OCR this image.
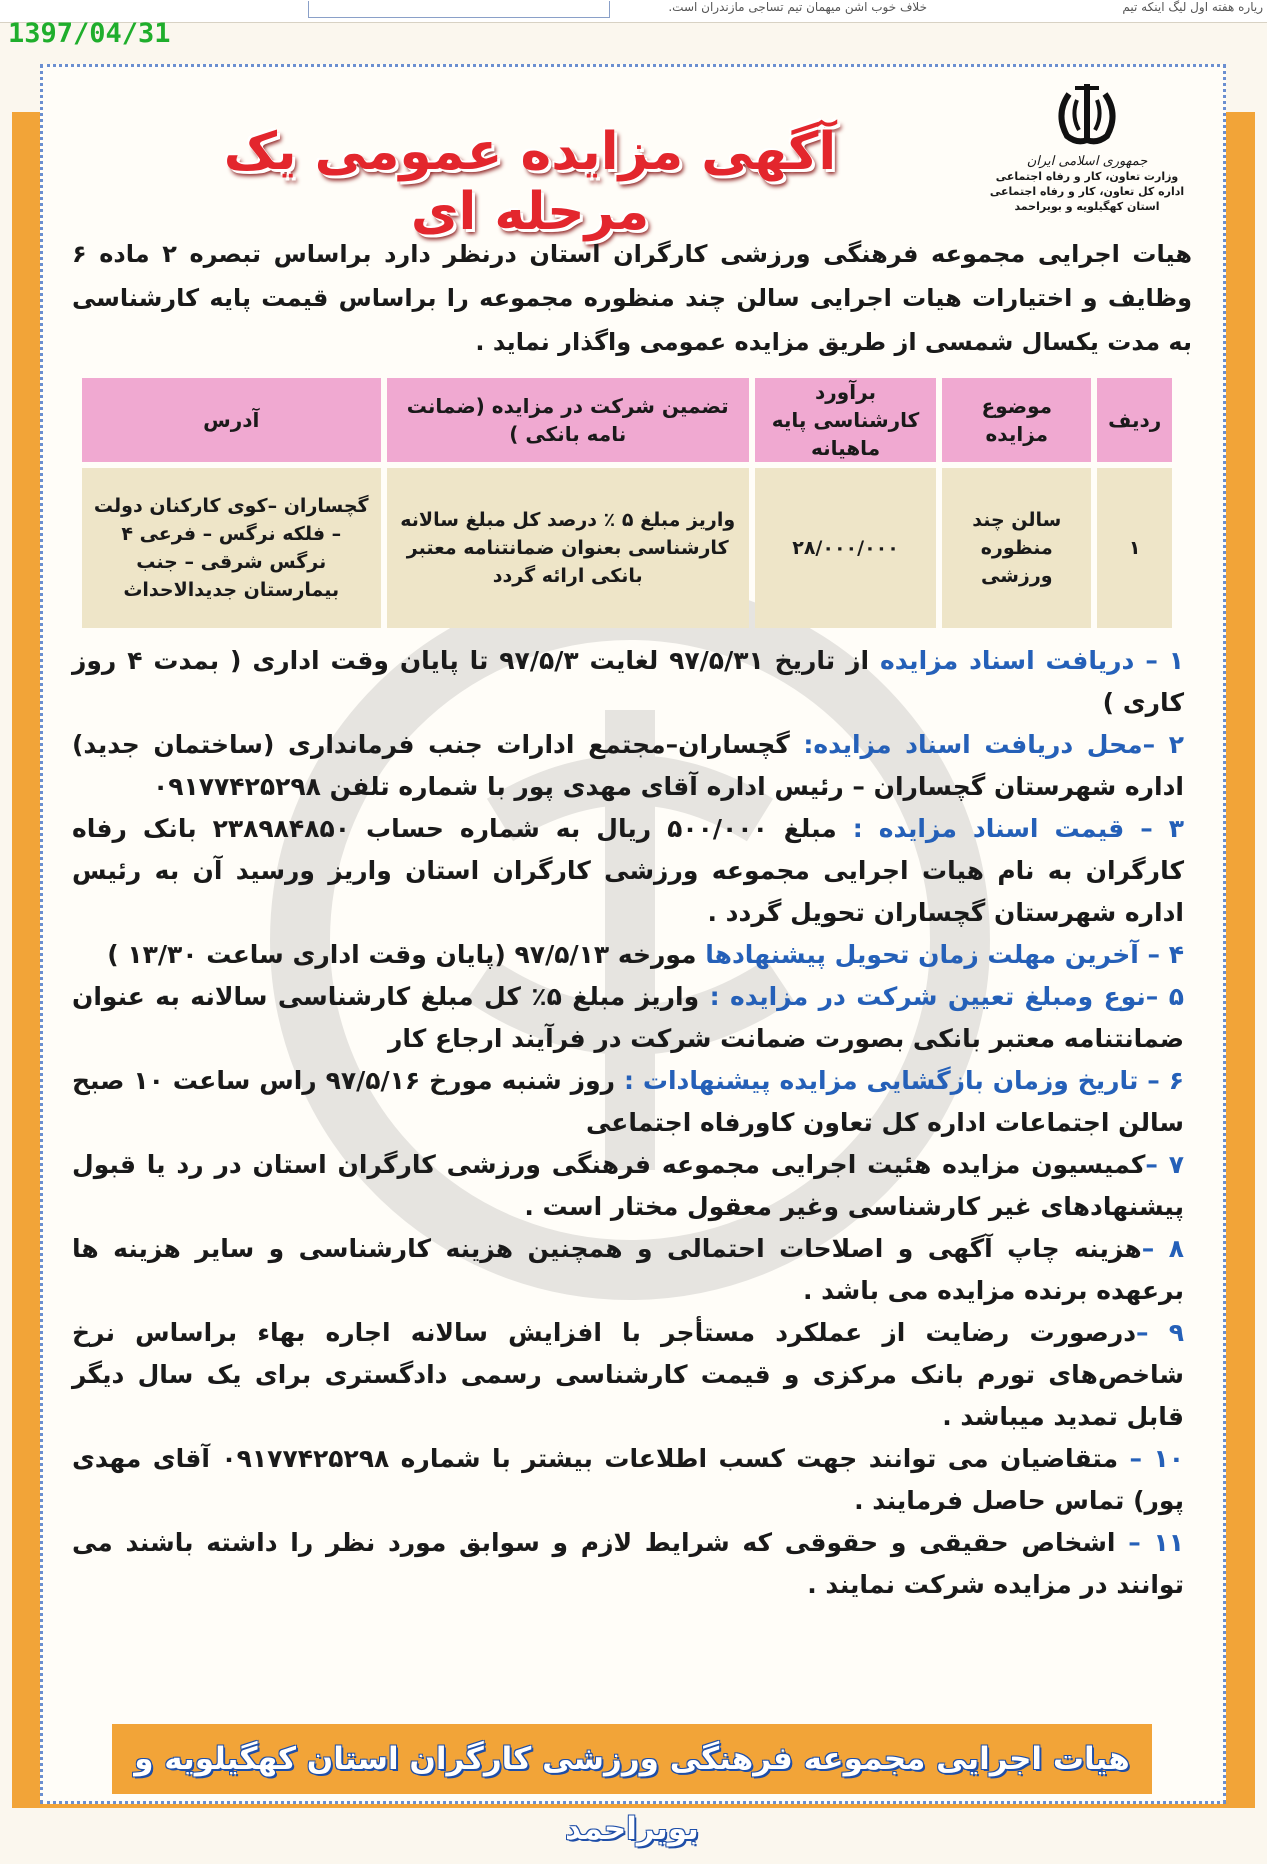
ریاره هفته اول لیگ اینکه تیم
خلاف خوب اشن میهمان تیم تساجی مازندران است.
1397/04/31
جمهوری اسلامی ایران
وزارت تعاون، کار و رفاه اجتماعی
اداره کل تعاون، کار و رفاه اجتماعی
استان کهگیلویه و بویراحمد
آگهی مزایده عمومی یک مرحله ای
هیات اجرایی مجموعه فرهنگی ورزشی کارگران استان درنظر دارد براساس تبصره ۲ ماده ۶ وظایف و اختیارات هیات اجرایی سالن چند منظوره مجموعه را براساس قیمت پایه کارشناسی به مدت یکسال شمسی از طریق مزایده عمومی واگذار نماید .
ردیف	موضوع مزایده	برآورد کارشناسی پایه ماهیانه	تضمین شرکت در مزایده (ضمانت نامه بانکی )	آدرس
۱	سالن چند منظوره ورزشی	۲۸/۰۰۰/۰۰۰	واریز مبلغ ۵ ٪ درصد کل مبلغ سالانه کارشناسی بعنوان ضمانتنامه معتبر بانکی ارائه گردد	گچساران –کوی کارکنان دولت – فلکه نرگس – فرعی ۴ نرگس شرقی – جنب بیمارستان جدیدالاحداث

۱ – دریافت اسناد مزایده از تاریخ ۹۷/۵/۳۱ لغایت ۹۷/۵/۳ تا پایان وقت اداری ( بمدت ۴ روز کاری )

۲ –محل دریافت اسناد مزایده: گچساران–مجتمع ادارات جنب فرمانداری (ساختمان جدید) اداره شهرستان گچساران – رئیس اداره آقای مهدی پور با شماره تلفن ۰۹۱۷۷۴۲۵۲۹۸

۳ – قیمت اسناد مزایده : مبلغ ۵۰۰/۰۰۰ ریال به شماره حساب ۲۳۸۹۸۴۸۵۰ بانک رفاه کارگران به نام هیات اجرایی مجموعه ورزشی کارگران استان واریز ورسید آن به رئیس اداره شهرستان گچساران تحویل گردد .

۴ – آخرین مهلت زمان تحویل پیشنهادها مورخه ۹۷/۵/۱۳ (پایان وقت اداری ساعت ۱۳/۳۰ )

۵ –نوع ومبلغ تعیین شرکت در مزایده : واریز مبلغ ۵٪ کل مبلغ کارشناسی سالانه به عنوان ضمانتنامه معتبر بانکی بصورت ضمانت شرکت در فرآیند ارجاع کار

۶ – تاریخ وزمان بازگشایی مزایده پیشنهادات : روز شنبه مورخ ۹۷/۵/۱۶ راس ساعت ۱۰ صبح سالن اجتماعات اداره کل تعاون کاورفاه اجتماعی

۷ –کمیسیون مزایده هئیت اجرایی مجموعه فرهنگی ورزشی کارگران استان در رد یا قبول پیشنهادهای غیر کارشناسی وغیر معقول مختار است .

۸ –هزینه چاپ آگهی و اصلاحات احتمالی و همچنین هزینه کارشناسی و سایر هزینه ها برعهده برنده مزایده می باشد .

۹ –درصورت رضایت از عملکرد مستأجر با افزایش سالانه اجاره بهاء براساس نرخ شاخص‌های تورم بانک مرکزی و قیمت کارشناسی رسمی دادگستری برای یک سال دیگر قابل تمدید میباشد .

۱۰ – متقاضیان می توانند جهت کسب اطلاعات بیشتر با شماره ۰۹۱۷۷۴۲۵۲۹۸ آقای مهدی پور) تماس حاصل فرمایند .

۱۱ – اشخاص حقیقی و حقوقی که شرایط لازم و سوابق مورد نظر را داشته باشند می توانند در مزایده شرکت نمایند .

هیات اجرایی مجموعه فرهنگی ورزشی کارگران استان کهگیلویه و بویراحمد
